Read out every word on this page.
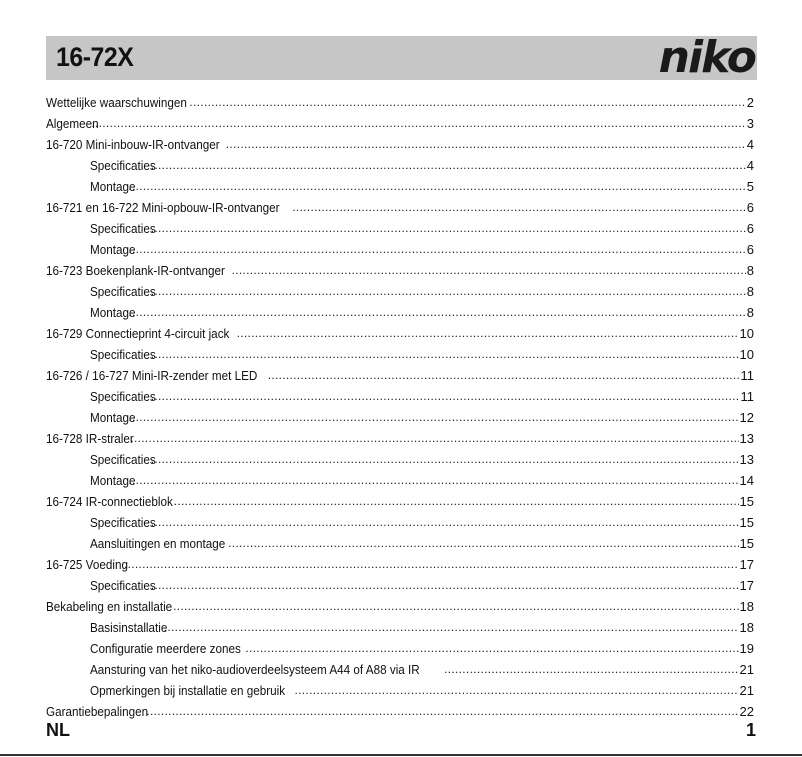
16-72X	niko
Wettelijke waarschuwingen .....	2
Algemeen .....	3
16-720 Mini-inbouw-IR-ontvanger .....	4
Specificaties .....	4
Montage .....	5
16-721 en 16-722 Mini-opbouw-IR-ontvanger .....	6
Specificaties .....	6
Montage .....	6
16-723 Boekenplank-IR-ontvanger .....	8
Specificaties .....	8
Montage .....	8
16-729 Connectieprint 4-circuit jack .....	10
Specificaties .....	10
16-726 / 16-727 Mini-IR-zender met LED .....	11
Specificaties .....	11
Montage .....	12
16-728 IR-straler .....	13
Specificaties .....	13
Montage .....	14
16-724 IR-connectieblok .....	15
Specificaties .....	15
Aansluitingen en montage .....	15
16-725 Voeding .....	17
Specificaties .....	17
Bekabeling en installatie .....	18
Basisinstallatie .....	18
Configuratie meerdere zones .....	19
Aansturing van het niko-audioverdeelsysteem A44 of A88 via IR .....	21
Opmerkingen bij installatie en gebruik .....	21
Garantiebepalingen .....	22
NL	1
